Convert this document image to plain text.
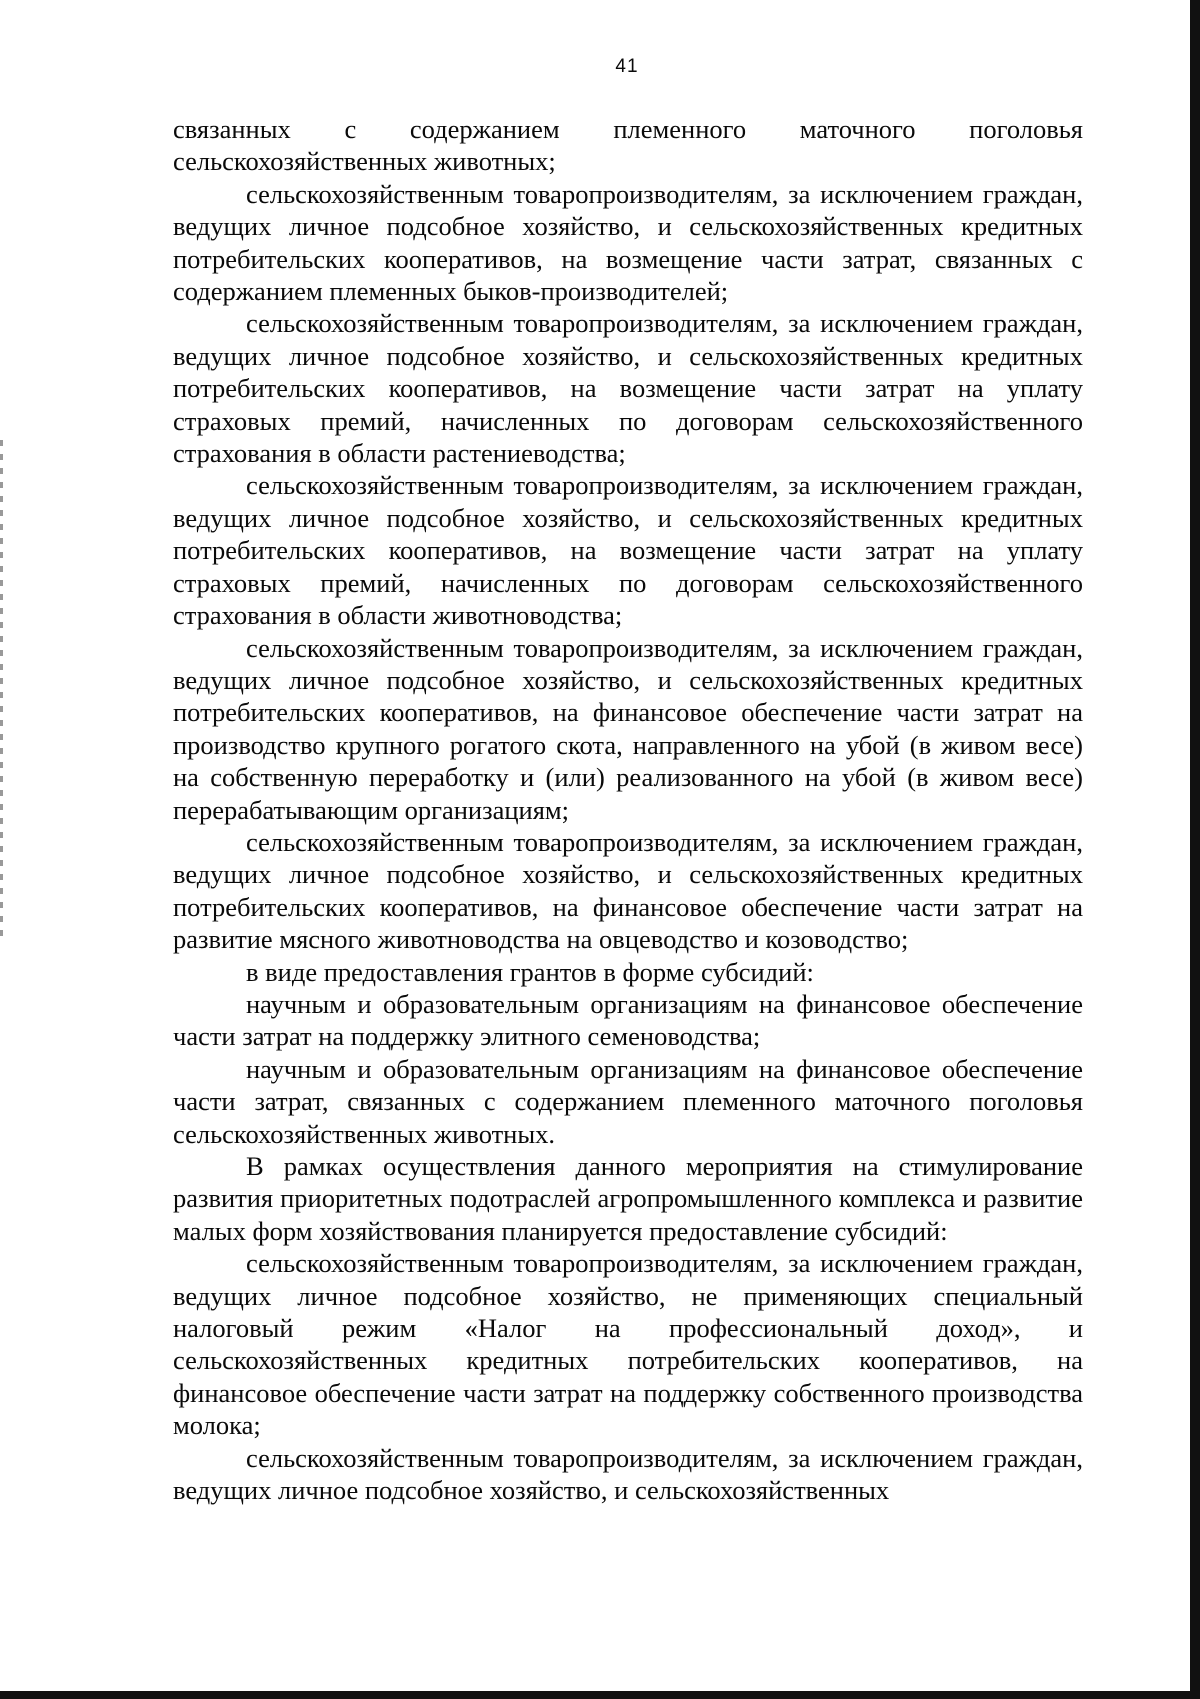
41

связанных с содержанием племенного маточного поголовья сельскохозяйственных животных;

сельскохозяйственным товаропроизводителям, за исключением граждан, ведущих личное подсобное хозяйство, и сельскохозяйственных кредитных потребительских кооперативов, на возмещение части затрат, связанных с содержанием племенных быков-производителей;

сельскохозяйственным товаропроизводителям, за исключением граждан, ведущих личное подсобное хозяйство, и сельскохозяйственных кредитных потребительских кооперативов, на возмещение части затрат на уплату страховых премий, начисленных по договорам сельскохозяйственного страхования в области растениеводства;

сельскохозяйственным товаропроизводителям, за исключением граждан, ведущих личное подсобное хозяйство, и сельскохозяйственных кредитных потребительских кооперативов, на возмещение части затрат на уплату страховых премий, начисленных по договорам сельскохозяйственного страхования в области животноводства;

сельскохозяйственным товаропроизводителям, за исключением граждан, ведущих личное подсобное хозяйство, и сельскохозяйственных кредитных потребительских кооперативов, на финансовое обеспечение части затрат на производство крупного рогатого скота, направленного на убой (в живом весе) на собственную переработку и (или) реализованного на убой (в живом весе) перерабатывающим организациям;

сельскохозяйственным товаропроизводителям, за исключением граждан, ведущих личное подсобное хозяйство, и сельскохозяйственных кредитных потребительских кооперативов, на финансовое обеспечение части затрат на развитие мясного животноводства на овцеводство и козоводство;

в виде предоставления грантов в форме субсидий:

научным и образовательным организациям на финансовое обеспечение части затрат на поддержку элитного семеноводства;

научным и образовательным организациям на финансовое обеспечение части затрат, связанных с содержанием племенного маточного поголовья сельскохозяйственных животных.

В рамках осуществления данного мероприятия на стимулирование развития приоритетных подотраслей агропромышленного комплекса и развитие малых форм хозяйствования планируется предоставление субсидий:

сельскохозяйственным товаропроизводителям, за исключением граждан, ведущих личное подсобное хозяйство, не применяющих специальный налоговый режим «Налог на профессиональный доход», и сельскохозяйственных кредитных потребительских кооперативов, на финансовое обеспечение части затрат на поддержку собственного производства молока;

сельскохозяйственным товаропроизводителям, за исключением граждан, ведущих личное подсобное хозяйство, и сельскохозяйственных
